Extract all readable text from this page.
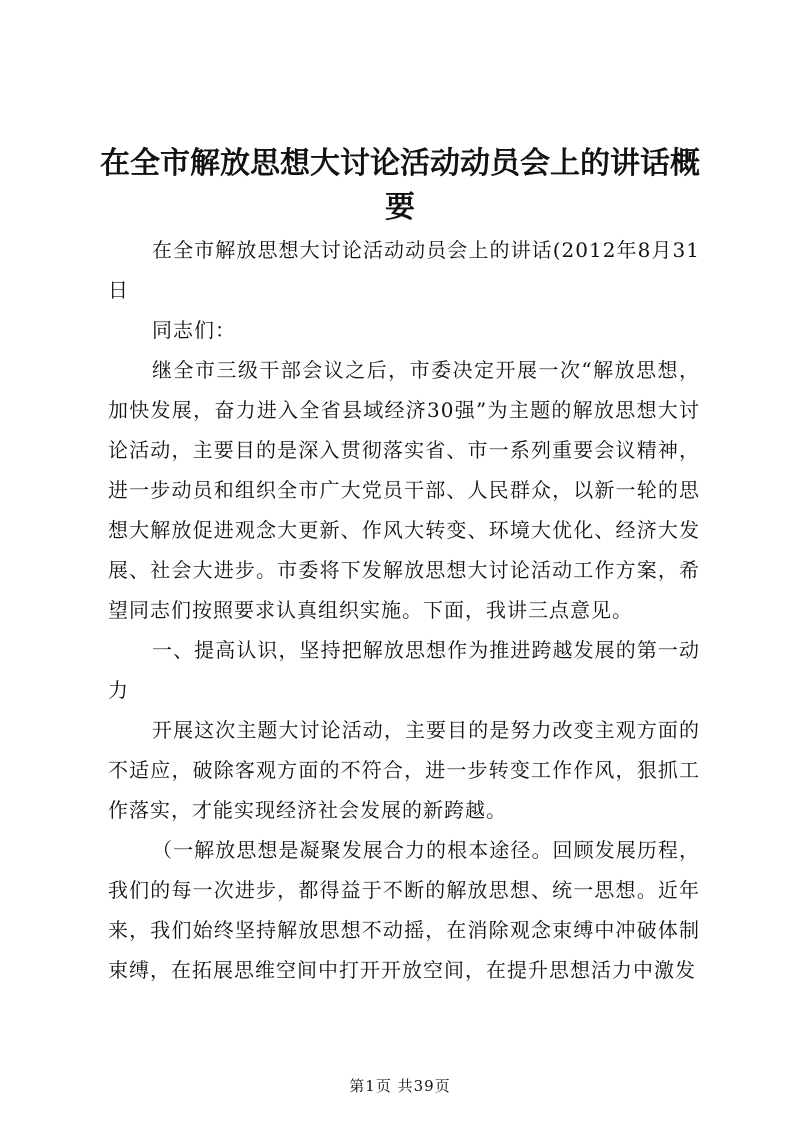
在全市解放思想大讨论活动动员会上的讲话概要

在全市解放思想大讨论活动动员会上的讲话(2012年8月31日

同志们：

继全市三级干部会议之后，市委决定开展一次“解放思想，加快发展，奋力进入全省县域经济30强”为主题的解放思想大讨论活动，主要目的是深入贯彻落实省、市一系列重要会议精神，进一步动员和组织全市广大党员干部、人民群众，以新一轮的思想大解放促进观念大更新、作风大转变、环境大优化、经济大发展、社会大进步。市委将下发解放思想大讨论活动工作方案，希望同志们按照要求认真组织实施。下面，我讲三点意见。

一、提高认识，坚持把解放思想作为推进跨越发展的第一动力

开展这次主题大讨论活动，主要目的是努力改变主观方面的不适应，破除客观方面的不符合，进一步转变工作作风，狠抓工作落实，才能实现经济社会发展的新跨越。

（一解放思想是凝聚发展合力的根本途径。回顾发展历程，我们的每一次进步，都得益于不断的解放思想、统一思想。近年来，我们始终坚持解放思想不动摇，在消除观念束缚中冲破体制束缚，在拓展思维空间中打开开放空间，在提升思想活力中激发

第1页 共39页
